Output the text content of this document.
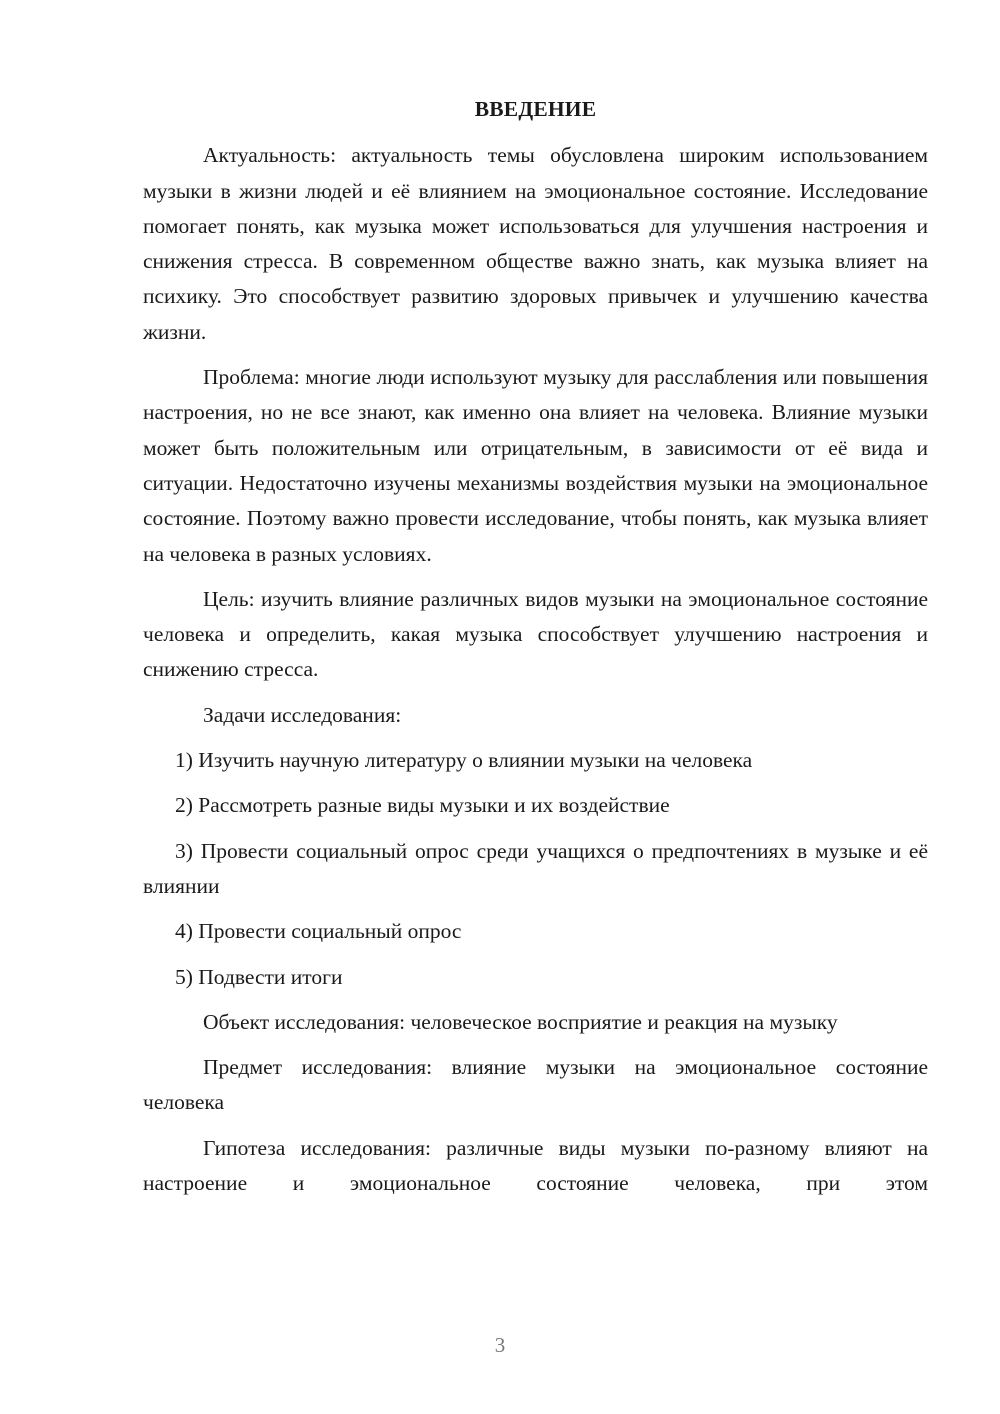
ВВЕДЕНИЕ

Актуальность: актуальность темы обусловлена широким использованием музыки в жизни людей и её влиянием на эмоциональное состояние. Исследование помогает понять, как музыка может использоваться для улучшения настроения и снижения стресса. В современном обществе важно знать, как музыка влияет на психику. Это способствует развитию здоровых привычек и улучшению качества жизни.

Проблема: многие люди используют музыку для расслабления или повышения настроения, но не все знают, как именно она влияет на человека. Влияние музыки может быть положительным или отрицательным, в зависимости от её вида и ситуации. Недостаточно изучены механизмы воздействия музыки на эмоциональное состояние. Поэтому важно провести исследование, чтобы понять, как музыка влияет на человека в разных условиях.

Цель: изучить влияние различных видов музыки на эмоциональное состояние человека и определить, какая музыка способствует улучшению настроения и снижению стресса.

Задачи исследования:

1) Изучить научную литературу о влиянии музыки на человека

2) Рассмотреть разные виды музыки и их воздействие

3) Провести социальный опрос среди учащихся о предпочтениях в музыке и её влиянии

4) Провести социальный опрос

5) Подвести итоги

Объект исследования: человеческое восприятие и реакция на музыку

Предмет исследования: влияние музыки на эмоциональное состояние человека

Гипотеза исследования: различные виды музыки по-разному влияют на настроение и эмоциональное состояние человека, при этом

3
